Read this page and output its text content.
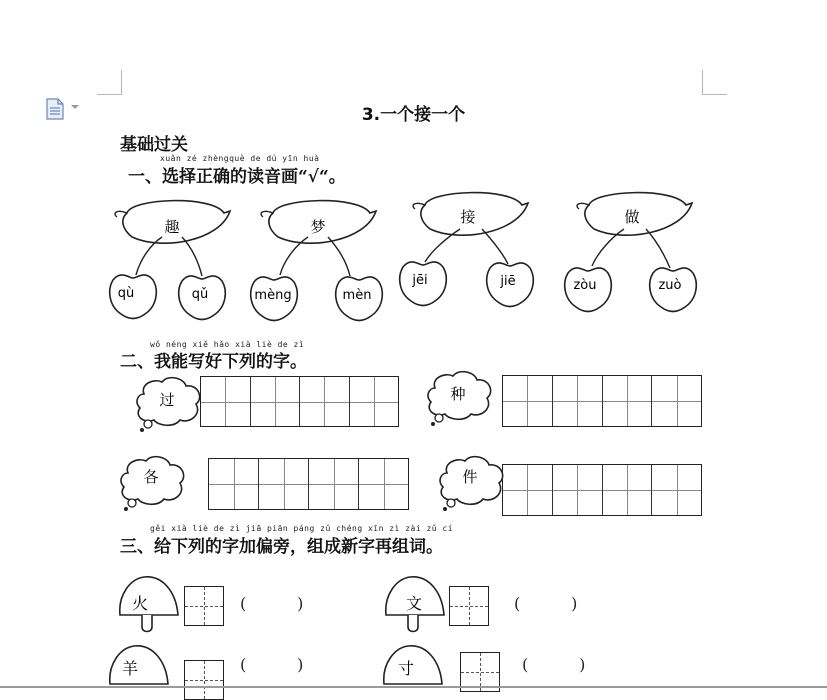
3.一个接一个
基础过关
xuǎn zé zhèngquè de dú yīn huà
一、选择正确的读音画“√“。
趣
qù	qǔ
梦
mèng	mèn
接
jēi	jiē
做
zòu	zuò
wǒ néng xiě hǎo xià liè de zì
二、我能写好下列的字。
过	种
各	件
gěi xià liè de zì jiā piān páng zǔ chéng xīn zì zài zǔ cí
三、给下列的字加偏旁，组成新字再组词。
火	(          )	文	(          )
羊	(          )	寸	(          )
